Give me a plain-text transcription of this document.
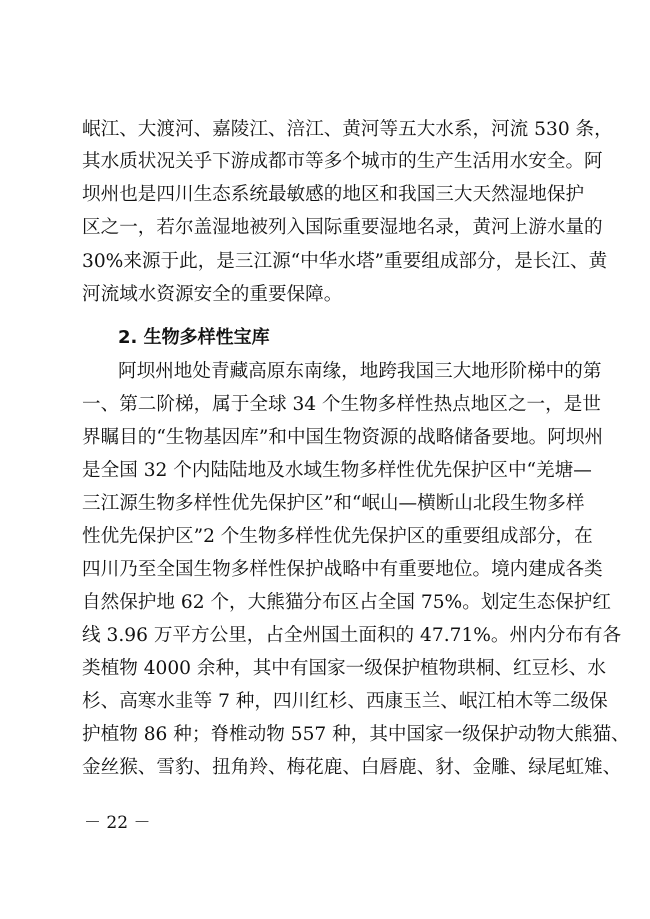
岷江、大渡河、嘉陵江、涪江、黄河等五大水系，河流 530 条，
其水质状况关乎下游成都市等多个城市的生产生活用水安全。阿
坝州也是四川生态系统最敏感的地区和我国三大天然湿地保护
区之一，若尔盖湿地被列入国际重要湿地名录，黄河上游水量的
30%来源于此，是三江源“中华水塔”重要组成部分，是长江、黄
河流域水资源安全的重要保障。
2. 生物多样性宝库
阿坝州地处青藏高原东南缘，地跨我国三大地形阶梯中的第
一、第二阶梯，属于全球 34 个生物多样性热点地区之一，是世
界瞩目的“生物基因库”和中国生物资源的战略储备要地。阿坝州
是全国 32 个内陆陆地及水域生物多样性优先保护区中“羌塘—
三江源生物多样性优先保护区”和“岷山—横断山北段生物多样
性优先保护区”2 个生物多样性优先保护区的重要组成部分，在
四川乃至全国生物多样性保护战略中有重要地位。境内建成各类
自然保护地 62 个，大熊猫分布区占全国 75%。划定生态保护红
线 3.96 万平方公里，占全州国土面积的 47.71%。州内分布有各
类植物 4000 余种，其中有国家一级保护植物珙桐、红豆杉、水
杉、高寒水韭等 7 种，四川红杉、西康玉兰、岷江柏木等二级保
护植物 86 种；脊椎动物 557 种，其中国家一级保护动物大熊猫、
金丝猴、雪豹、扭角羚、梅花鹿、白唇鹿、豺、金雕、绿尾虹雉、
－ 22 －
